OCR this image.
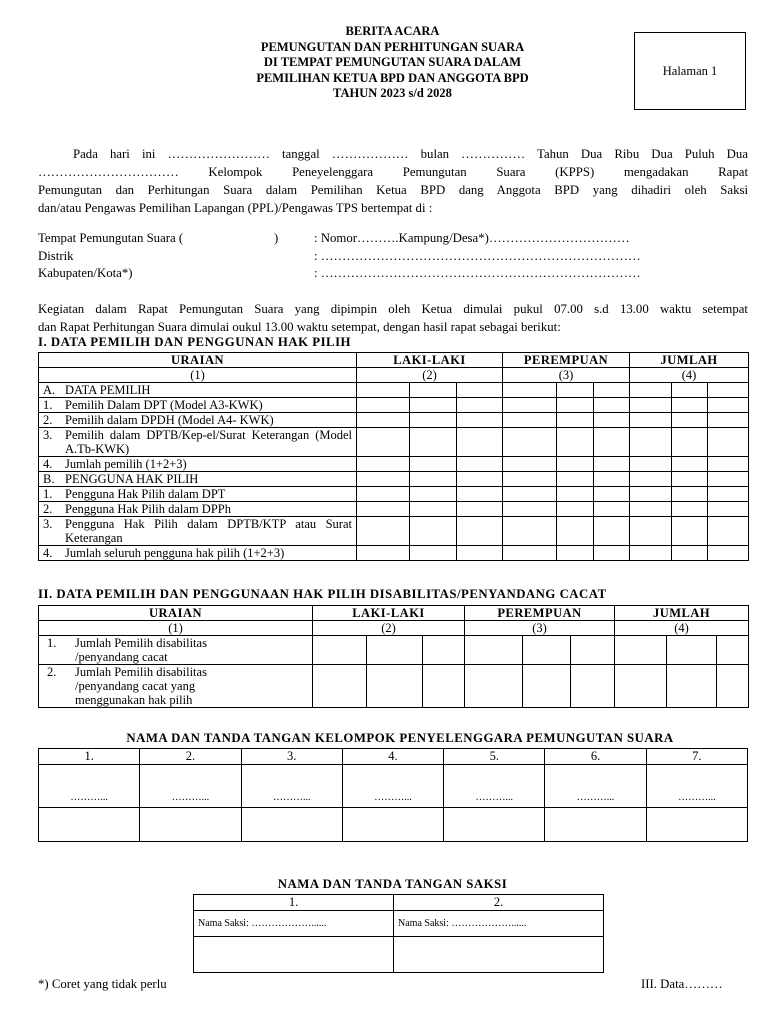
BERITA ACARA
PEMUNGUTAN DAN PERHITUNGAN SUARA
DI TEMPAT PEMUNGUTAN SUARA DALAM
PEMILIHAN KETUA BPD DAN ANGGOTA BPD
TAHUN 2023 s/d 2028
Halaman 1
Pada hari ini …………………… tanggal ……………… bulan …………… Tahun Dua Ribu Dua Puluh Dua
…………………………… Kelompok Peneyelenggara Pemungutan Suara (KPPS) mengadakan Rapat
Pemungutan dan Perhitungan Suara dalam Pemilihan Ketua BPD dang Anggota BPD yang dihadiri oleh Saksi
dan/atau Pengawas Pemilihan Lapangan (PPL)/Pengawas TPS bertempat di :
Tempat Pemungutan Suara (	)	: Nomor……….Kampung/Desa*)……………………………
Distrik	: …………………………………………………………………
Kabupaten/Kota*)	: …………………………………………………………………
Kegiatan dalam Rapat Pemungutan Suara yang dipimpin oleh Ketua dimulai pukul 07.00 s.d 13.00 waktu setempat
dan Rapat Perhitungan Suara dimulai oukul 13.00 waktu setempat, dengan hasil rapat sebagai berikut:
I. DATA PEMILIH DAN PENGGUNAN HAK PILIH
URAIAN	LAKI-LAKI			PEREMPUAN			JUMLAH		
(1)	(2)			(3)			(4)		

A. DATA PEMILIH									

1. Pemilih Dalam DPT (Model A3-KWK)									

2. Pemilih dalam DPDH (Model A4- KWK)									

3. Pemilih dalam DPTB/Kep-el/Surat Keterangan (Model A.Tb-KWK)									

4. Jumlah pemilih (1+2+3)									

B. PENGGUNA HAK PILIH									

1. Pengguna Hak Pilih dalam DPT									

2. Pengguna Hak Pilih dalam DPPh									

3. Pengguna Hak Pilih dalam DPTB/KTP atau Surat Keterangan									

4. Jumlah seluruh pengguna hak pilih (1+2+3)									

II. DATA PEMILIH DAN PENGGUNAAN HAK PILIH DISABILITAS/PENYANDANG CACAT
URAIAN	LAKI-LAKI			PEREMPUAN			JUMLAH		
(1)	(2)			(3)			(4)		

1. Jumlah Pemilih disabilitas /penyandang cacat									

2. Jumlah Pemilih disabilitas /penyandang cacat yang menggunakan hak pilih									

NAMA DAN TANDA TANGAN KELOMPOK PENYELENGGARA PEMUNGUTAN SUARA
1.	2.	3.	4.	5.	6.	7.
………...	………...	………...	………...	………...	………...	………...

NAMA DAN TANDA TANGAN SAKSI
1.	2.
Nama Saksi: ………………......	Nama Saksi: ………………......

*) Coret yang tidak perlu	III. Data………
